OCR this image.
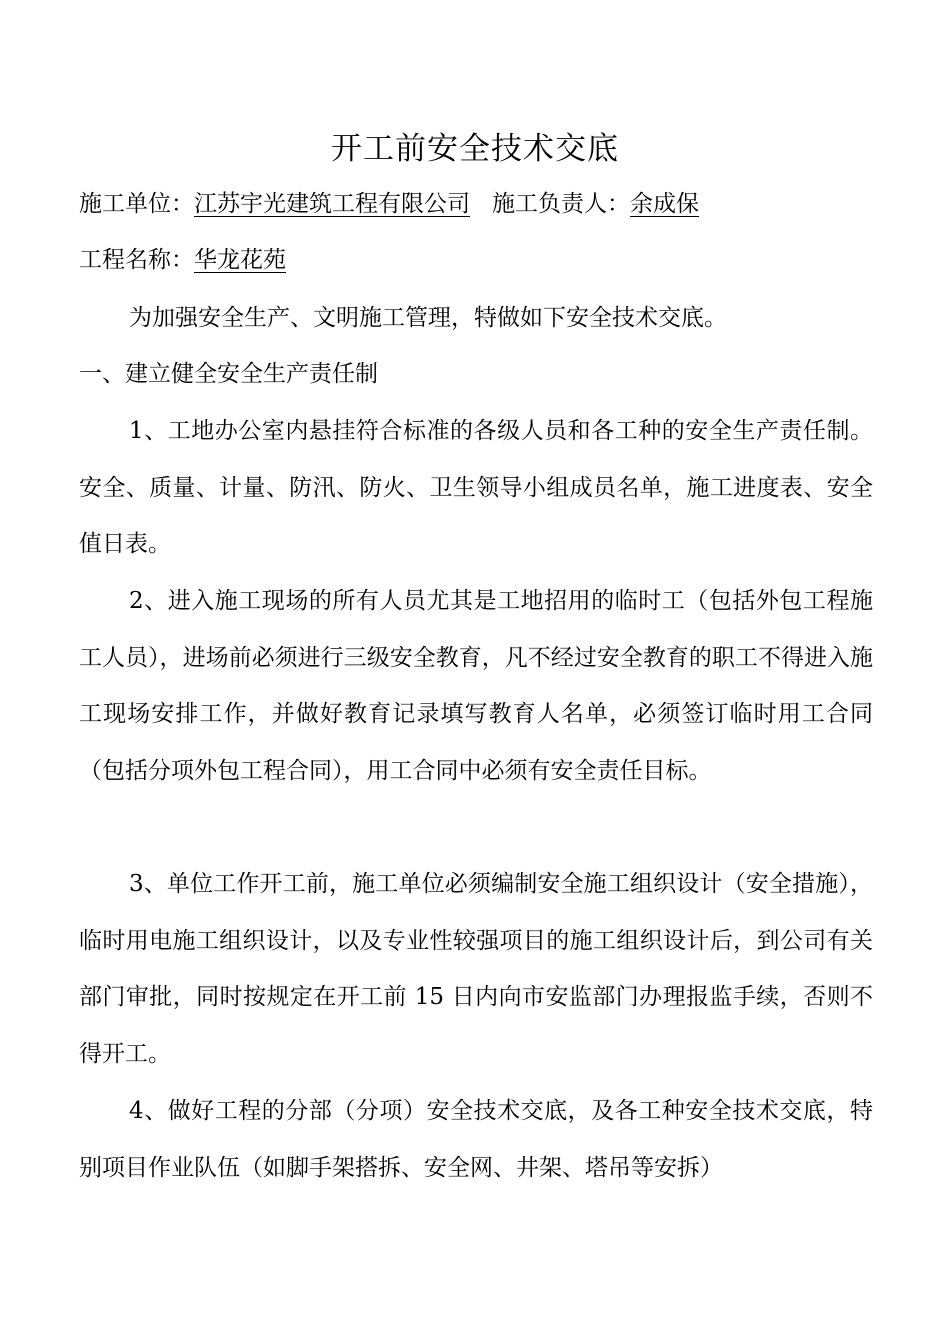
开工前安全技术交底
施工单位：江苏宇光建筑工程有限公司 施工负责人：余成保
工程名称：华龙花苑

为加强安全生产、文明施工管理，特做如下安全技术交底。

一、建立健全安全生产责任制

1、工地办公室内悬挂符合标准的各级人员和各工种的安全生产责任制。安全、质量、计量、防汛、防火、卫生领导小组成员名单，施工进度表、安全值日表。

2、进入施工现场的所有人员尤其是工地招用的临时工（包括外包工程施工人员），进场前必须进行三级安全教育，凡不经过安全教育的职工不得进入施工现场安排工作，并做好教育记录填写教育人名单，必须签订临时用工合同（包括分项外包工程合同），用工合同中必须有安全责任目标。

3、单位工作开工前，施工单位必须编制安全施工组织设计（安全措施），临时用电施工组织设计，以及专业性较强项目的施工组织设计后，到公司有关部门审批，同时按规定在开工前 15 日内向市安监部门办理报监手续，否则不得开工。

4、做好工程的分部（分项）安全技术交底，及各工种安全技术交底，特别项目作业队伍（如脚手架搭拆、安全网、井架、塔吊等安拆）
